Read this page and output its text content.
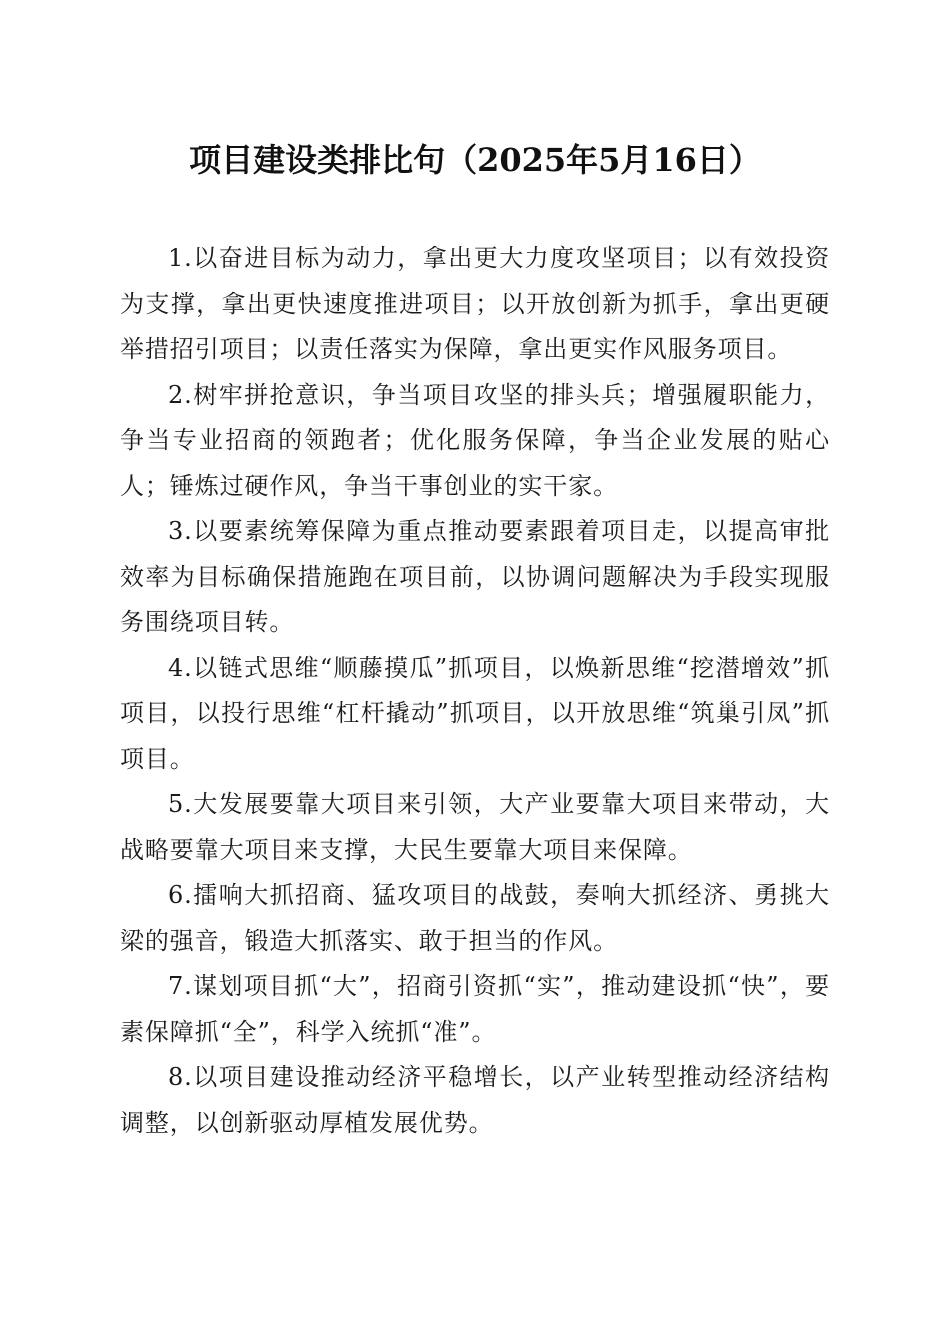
项目建设类排比句（2025年5月16日）

1.以奋进目标为动力，拿出更大力度攻坚项目；以有效投资为支撑，拿出更快速度推进项目；以开放创新为抓手，拿出更硬举措招引项目；以责任落实为保障，拿出更实作风服务项目。

2.树牢拼抢意识，争当项目攻坚的排头兵；增强履职能力，争当专业招商的领跑者；优化服务保障，争当企业发展的贴心人；锤炼过硬作风，争当干事创业的实干家。

3.以要素统筹保障为重点推动要素跟着项目走，以提高审批效率为目标确保措施跑在项目前，以协调问题解决为手段实现服务围绕项目转。

4.以链式思维“顺藤摸瓜”抓项目，以焕新思维“挖潜增效”抓项目，以投行思维“杠杆撬动”抓项目，以开放思维“筑巢引凤”抓项目。

5.大发展要靠大项目来引领，大产业要靠大项目来带动，大战略要靠大项目来支撑，大民生要靠大项目来保障。

6.擂响大抓招商、猛攻项目的战鼓，奏响大抓经济、勇挑大梁的强音，锻造大抓落实、敢于担当的作风。

7.谋划项目抓“大”，招商引资抓“实”，推动建设抓“快”，要素保障抓“全”，科学入统抓“准”。

8.以项目建设推动经济平稳增长，以产业转型推动经济结构调整，以创新驱动厚植发展优势。
